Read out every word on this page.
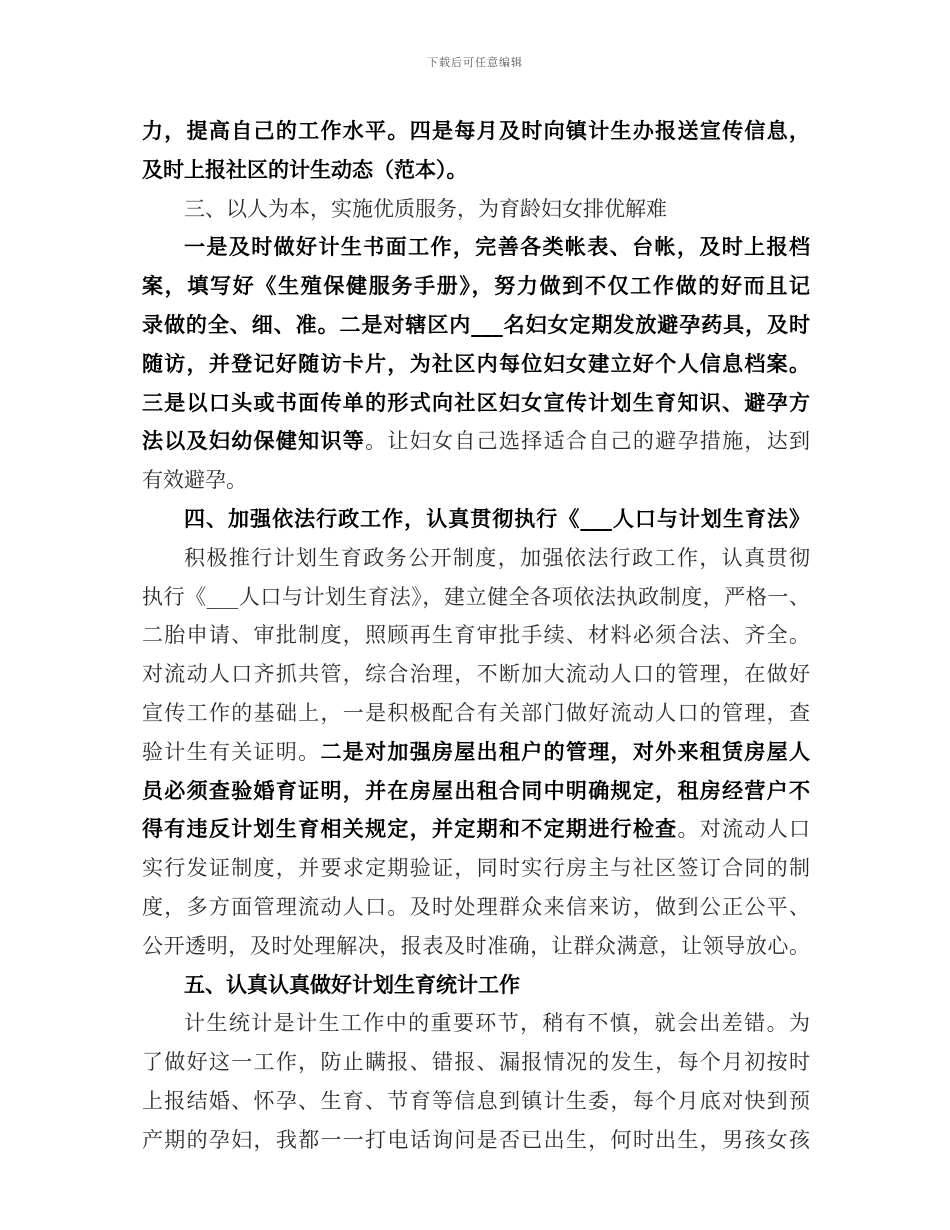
下载后可任意编辑
力，提高自己的工作水平。四是每月及时向镇计生办报送宣传信息，
及时上报社区的计生动态（范本）。
三、以人为本，实施优质服务，为育龄妇女排优解难
一是及时做好计生书面工作，完善各类帐表、台帐，及时上报档
案，填写好《生殖保健服务手册》，努力做到不仅工作做的好而且记
录做的全、细、准。二是对辖区内___名妇女定期发放避孕药具，及时
随访，并登记好随访卡片，为社区内每位妇女建立好个人信息档案。
三是以口头或书面传单的形式向社区妇女宣传计划生育知识、避孕方
法以及妇幼保健知识等。让妇女自己选择适合自己的避孕措施，达到
有效避孕。
四、加强依法行政工作，认真贯彻执行《___人口与计划生育法》
积极推行计划生育政务公开制度，加强依法行政工作，认真贯彻
执行《___人口与计划生育法》，建立健全各项依法执政制度，严格一、
二胎申请、审批制度，照顾再生育审批手续、材料必须合法、齐全。
对流动人口齐抓共管，综合治理，不断加大流动人口的管理，在做好
宣传工作的基础上，一是积极配合有关部门做好流动人口的管理，查
验计生有关证明。二是对加强房屋出租户的管理，对外来租赁房屋人
员必须查验婚育证明，并在房屋出租合同中明确规定，租房经营户不
得有违反计划生育相关规定，并定期和不定期进行检查。对流动人口
实行发证制度，并要求定期验证，同时实行房主与社区签订合同的制
度，多方面管理流动人口。及时处理群众来信来访，做到公正公平、
公开透明，及时处理解决，报表及时准确，让群众满意，让领导放心。
五、认真认真做好计划生育统计工作
计生统计是计生工作中的重要环节，稍有不慎，就会出差错。为
了做好这一工作，防止瞒报、错报、漏报情况的发生，每个月初按时
上报结婚、怀孕、生育、节育等信息到镇计生委，每个月底对快到预
产期的孕妇，我都一一打电话询问是否已出生，何时出生，男孩女孩
